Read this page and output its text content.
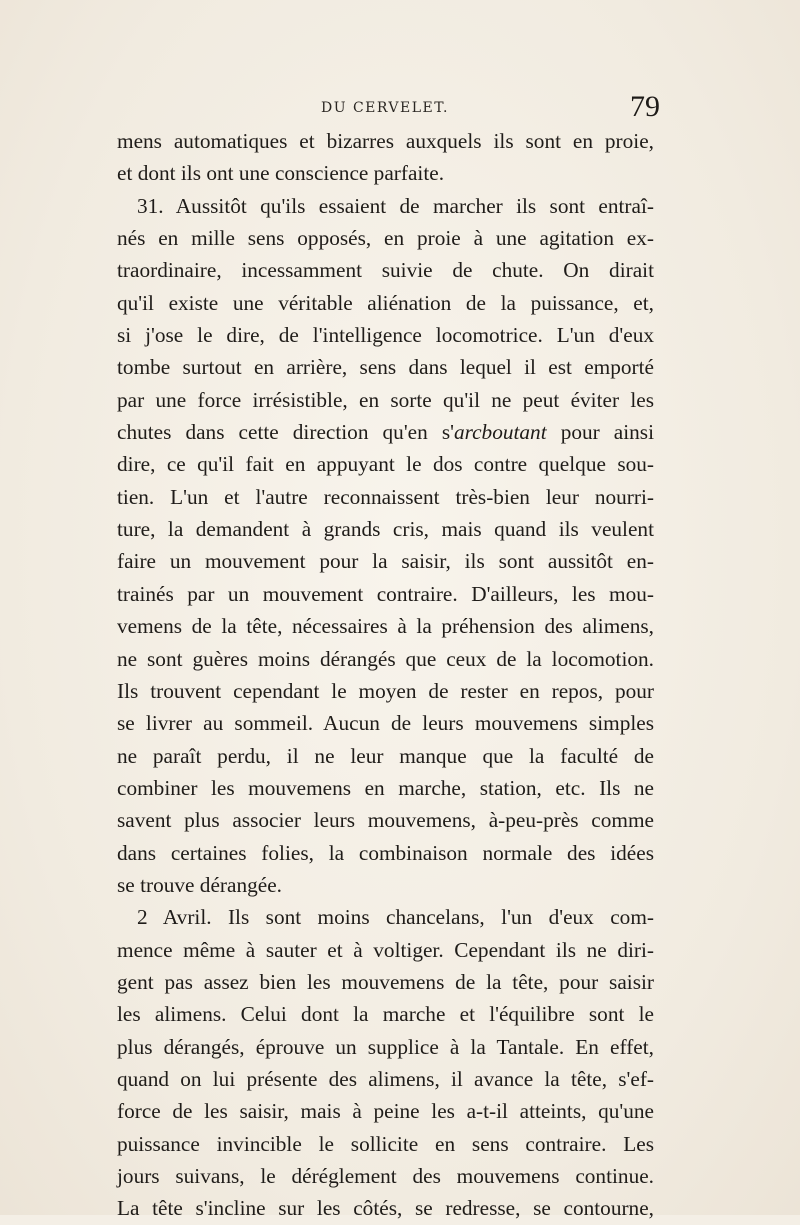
DU CERVELET.	79
mens automatiques et bizarres auxquels ils sont en proie,
et dont ils ont une conscience parfaite.
31. Aussitôt qu'ils essaient de marcher ils sont entraî-
nés en mille sens opposés, en proie à une agitation ex-
traordinaire, incessamment suivie de chute. On dirait
qu'il existe une véritable aliénation de la puissance, et,
si j'ose le dire, de l'intelligence locomotrice. L'un d'eux
tombe surtout en arrière, sens dans lequel il est emporté
par une force irrésistible, en sorte qu'il ne peut éviter les
chutes dans cette direction qu'en s'arcboutant pour ainsi
dire, ce qu'il fait en appuyant le dos contre quelque sou-
tien. L'un et l'autre reconnaissent très-bien leur nourri-
ture, la demandent à grands cris, mais quand ils veulent
faire un mouvement pour la saisir, ils sont aussitôt en-
trainés par un mouvement contraire. D'ailleurs, les mou-
vemens de la tête, nécessaires à la préhension des alimens,
ne sont guères moins dérangés que ceux de la locomotion.
Ils trouvent cependant le moyen de rester en repos, pour
se livrer au sommeil. Aucun de leurs mouvemens simples
ne paraît perdu, il ne leur manque que la faculté de
combiner les mouvemens en marche, station, etc. Ils ne
savent plus associer leurs mouvemens, à-peu-près comme
dans certaines folies, la combinaison normale des idées
se trouve dérangée.
2 Avril. Ils sont moins chancelans, l'un d'eux com-
mence même à sauter et à voltiger. Cependant ils ne diri-
gent pas assez bien les mouvemens de la tête, pour saisir
les alimens. Celui dont la marche et l'équilibre sont le
plus dérangés, éprouve un supplice à la Tantale. En effet,
quand on lui présente des alimens, il avance la tête, s'ef-
force de les saisir, mais à peine les a-t-il atteints, qu'une
puissance invincible le sollicite en sens contraire. Les
jours suivans, le déréglement des mouvemens continue.
La tête s'incline sur les côtés, se redresse, se contourne,
